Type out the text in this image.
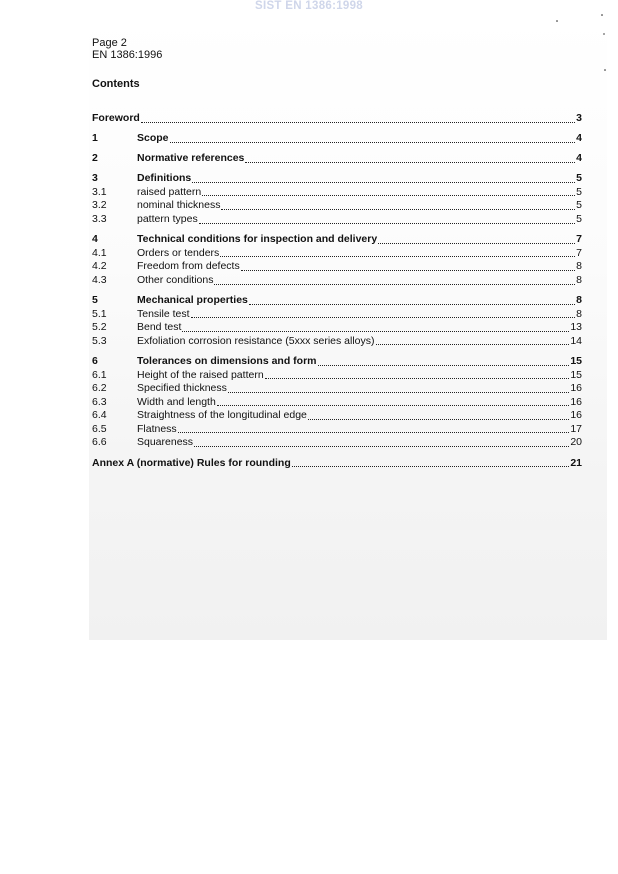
SIST EN 1386:1998
Page 2
EN 1386:1996
Contents
Foreword	3
1	Scope	4
2	Normative references	4
3	Definitions	5
3.1	raised pattern	5
3.2	nominal thickness	5
3.3	pattern types	5
4	Technical conditions for inspection and delivery	7
4.1	Orders or tenders	7
4.2	Freedom from defects	8
4.3	Other conditions	8
5	Mechanical properties	8
5.1	Tensile test	8
5.2	Bend test	13
5.3	Exfoliation corrosion resistance (5xxx series alloys)	14
6	Tolerances on dimensions and form	15
6.1	Height of the raised pattern	15
6.2	Specified thickness	16
6.3	Width and length	16
6.4	Straightness of the longitudinal edge	16
6.5	Flatness	17
6.6	Squareness	20
Annex A (normative) Rules for rounding	21
